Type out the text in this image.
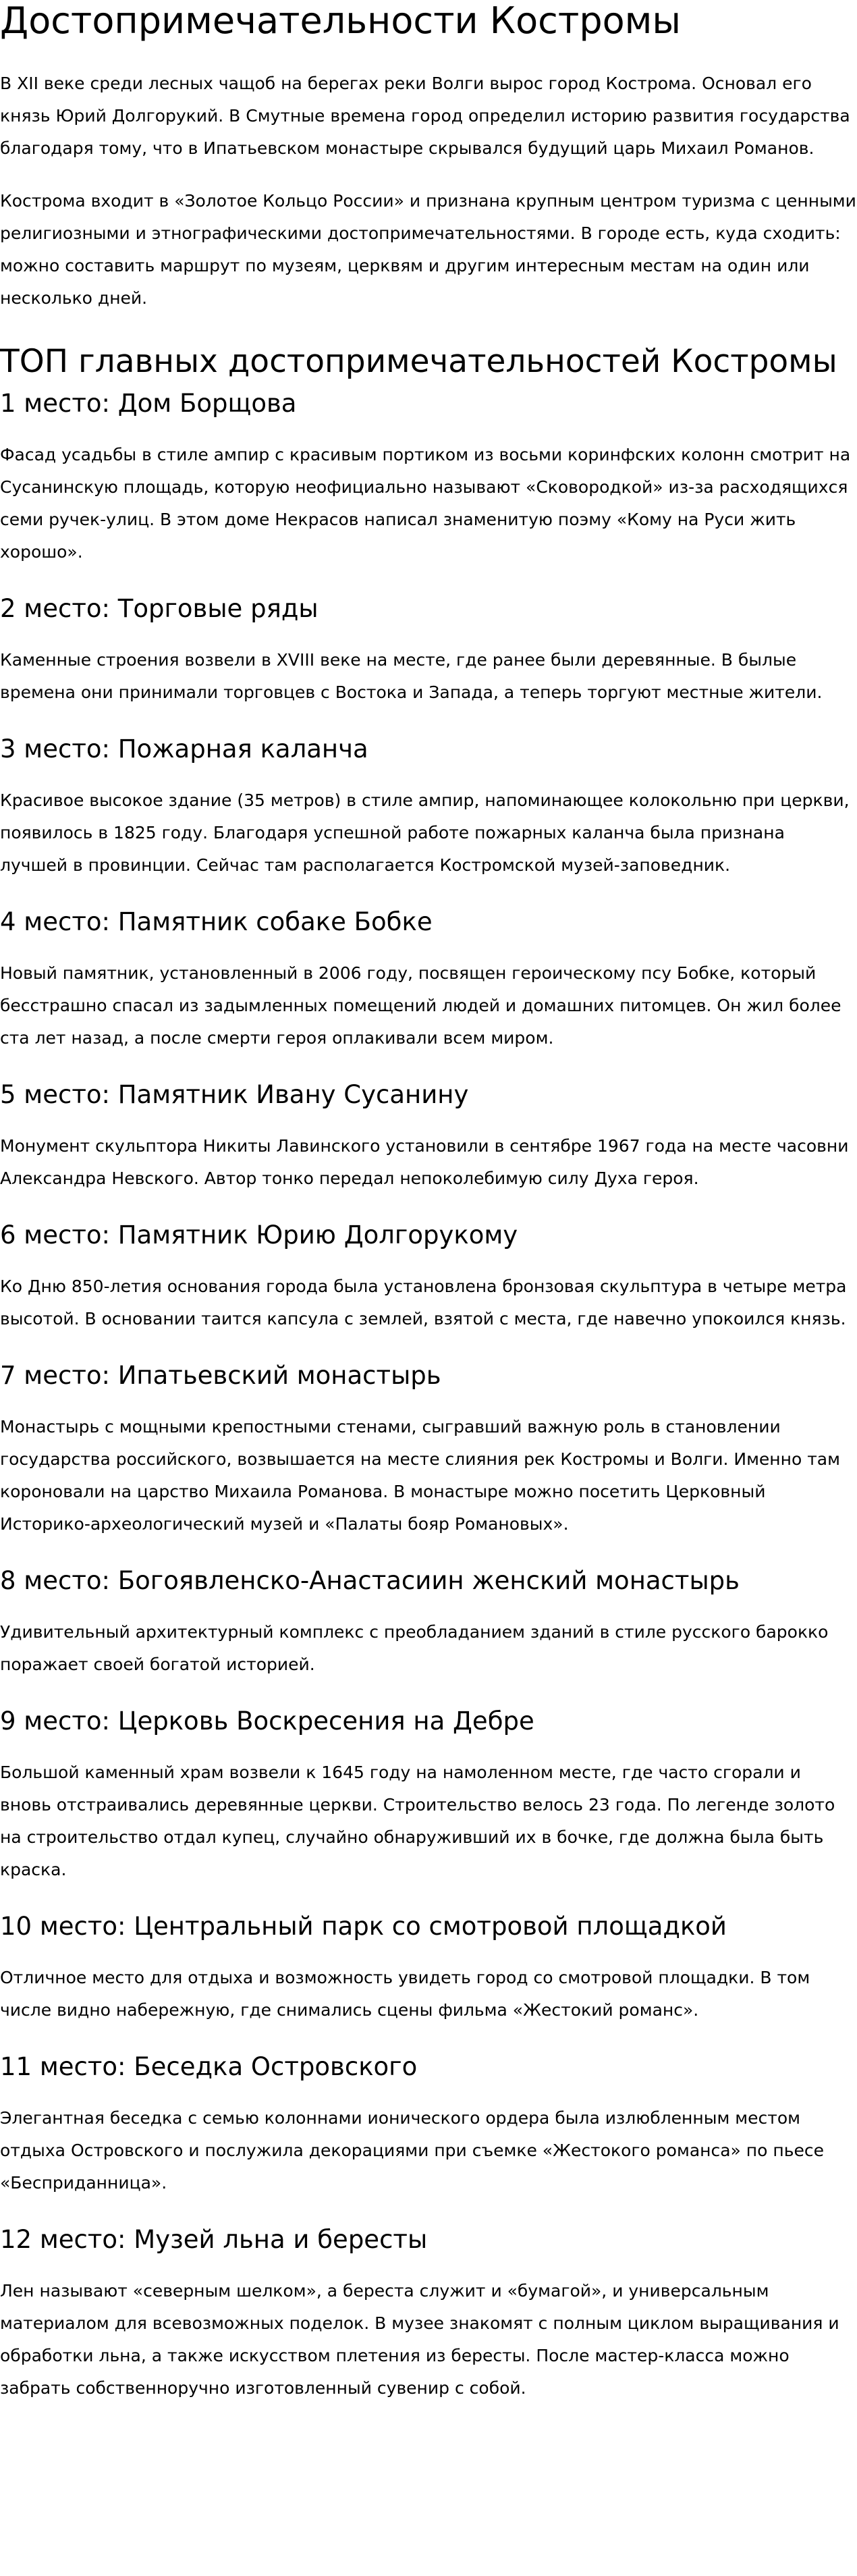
Достопримечательности Костромы

В XII веке среди лесных чащоб на берегах реки Волги вырос город Кострома. Основал его князь Юрий Долгорукий. В Смутные времена город определил историю развития государства благодаря тому, что в Ипатьевском монастыре скрывался будущий царь Михаил Романов.

Кострома входит в «Золотое Кольцо России» и признана крупным центром туризма с ценными религиозными и этнографическими достопримечательностями. В городе есть, куда сходить: можно составить маршрут по музеям, церквям и другим интересным местам на один или несколько дней.

ТОП главных достопримечательностей Костромы
1 место: Дом Борщова

Фасад усадьбы в стиле ампир с красивым портиком из восьми коринфских колонн смотрит на Сусанинскую площадь, которую неофициально называют «Сковородкой» из-за расходящихся семи ручек-улиц. В этом доме Некрасов написал знаменитую поэму «Кому на Руси жить хорошо».

2 место: Торговые ряды

Каменные строения возвели в XVIII веке на месте, где ранее были деревянные. В былые времена они принимали торговцев с Востока и Запада, а теперь торгуют местные жители.

3 место: Пожарная каланча

Красивое высокое здание (35 метров) в стиле ампир, напоминающее колокольню при церкви, появилось в 1825 году. Благодаря успешной работе пожарных каланча была признана лучшей в провинции. Сейчас там располагается Костромской музей-заповедник.

4 место: Памятник собаке Бобке

Новый памятник, установленный в 2006 году, посвящен героическому псу Бобке, который бесстрашно спасал из задымленных помещений людей и домашних питомцев. Он жил более ста лет назад, а после смерти героя оплакивали всем миром.

5 место: Памятник Ивану Сусанину

Монумент скульптора Никиты Лавинского установили в сентябре 1967 года на месте часовни Александра Невского. Автор тонко передал непоколебимую силу Духа героя.

6 место: Памятник Юрию Долгорукому

Ко Дню 850-летия основания города была установлена бронзовая скульптура в четыре метра высотой. В основании таится капсула с землей, взятой с места, где навечно упокоился князь.

7 место: Ипатьевский монастырь

Монастырь с мощными крепостными стенами, сыгравший важную роль в становлении государства российского, возвышается на месте слияния рек Костромы и Волги. Именно там короновали на царство Михаила Романова. В монастыре можно посетить Церковный Историко-археологический музей и «Палаты бояр Романовых».

8 место: Богоявленско-Анастасиин женский монастырь

Удивительный архитектурный комплекс с преобладанием зданий в стиле русского барокко поражает своей богатой историей.

9 место: Церковь Воскресения на Дебре

Большой каменный храм возвели к 1645 году на намоленном месте, где часто сгорали и вновь отстраивались деревянные церкви. Строительство велось 23 года. По легенде золото на строительство отдал купец, случайно обнаруживший их в бочке, где должна была быть краска.

10 место: Центральный парк со смотровой площадкой

Отличное место для отдыха и возможность увидеть город со смотровой площадки. В том числе видно набережную, где снимались сцены фильма «Жестокий романс».

11 место: Беседка Островского

Элегантная беседка с семью колоннами ионического ордера была излюбленным местом отдыха Островского и послужила декорациями при съемке «Жестокого романса» по пьесе «Бесприданница».

12 место: Музей льна и бересты

Лен называют «северным шелком», а береста служит и «бумагой», и универсальным материалом для всевозможных поделок. В музее знакомят с полным циклом выращивания и обработки льна, а также искусством плетения из бересты. После мастер-класса можно забрать собственноручно изготовленный сувенир с собой.
